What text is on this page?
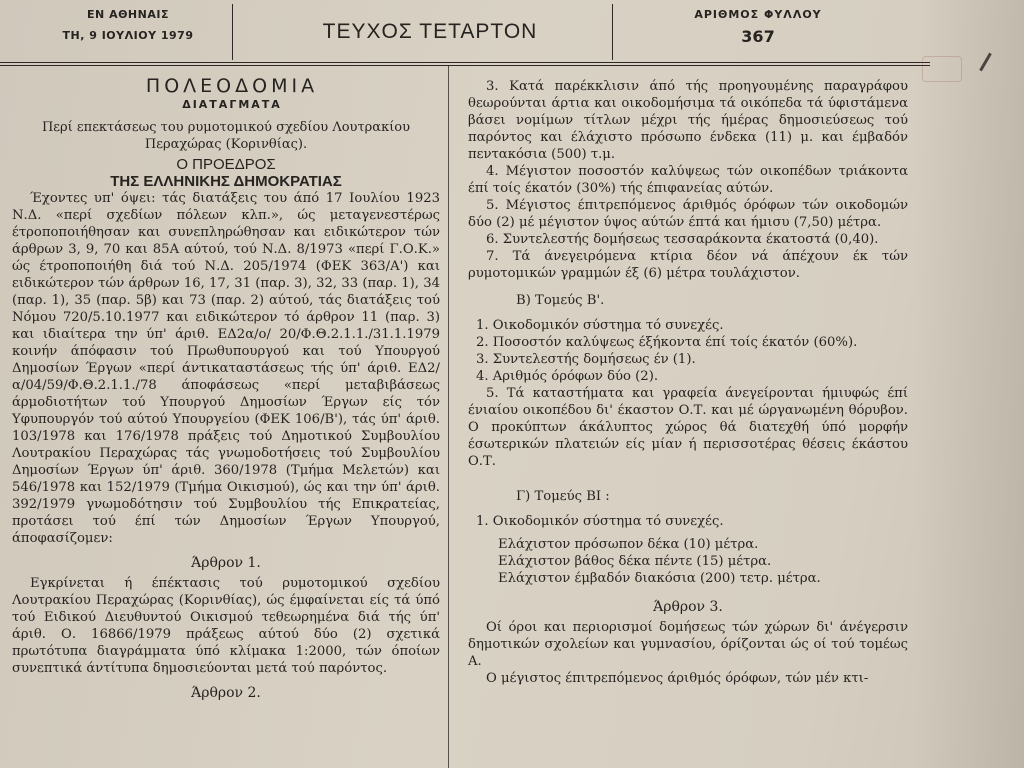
ΕΝ ΑΘΗΝΑΙΣ
ΤΗ, 9 ΙΟΥΛΙΟΥ 1979	ΤΕΥΧΟΣ ΤΕΤΑΡΤΟΝ
ΑΡΙΘΜΟΣ ΦΥΛΛΟΥ
367
ΠΟΛΕΟΔΟΜΙΑ
ΔΙΑΤΑΓΜΑΤΑ
Περί επεκτάσεως του ρυμοτομικού σχεδίου Λουτρακίου
Περαχώρας (Κορινθίας).
Ο ΠΡΟΕΔΡΟΣ
ΤΗΣ ΕΛΛΗΝΙΚΗΣ ΔΗΜΟΚΡΑΤΙΑΣ

Έχοντες υπ' όψει: τάς διατάξεις του άπό 17 Ιουλίου 1923 Ν.Δ. «περί σχεδίων πόλεων κλπ.», ώς μεταγενεστέρως έτροποποιήθησαν και συνεπληρώθησαν και ειδικώτερον τών άρθρων 3, 9, 70 και 85Α αύτού, τού Ν.Δ. 8/1973 «περί Γ.Ο.Κ.» ώς έτροποποιήθη διά τού Ν.Δ. 205/1974 (ΦΕΚ 363/Α') και ειδικώτερον τών άρθρων 16, 17, 31 (παρ. 3), 32, 33 (παρ. 1), 34 (παρ. 1), 35 (παρ. 5β) και 73 (παρ. 2) αύτού, τάς διατάξεις τού Νόμου 720/5.10.1977 και ειδικώτερον τό άρθρον 11 (παρ. 3) και ιδιαίτερα την ύπ' άριθ. ΕΔ2α/ο/ 20/Φ.Θ.2.1.1./31.1.1979 κοινήν άπόφασιν τού Πρωθυπουργού και τού Υπουργού Δημοσίων Έργων «περί άντικαταστάσεως τής ύπ' άριθ. ΕΔ2/α/04/59/Φ.Θ.2.1.1./78 άποφάσεως «περί μεταβιβάσεως άρμοδιοτήτων τού Υπουργού Δημοσίων Έργων είς τόν Υφυπουργόν τού αύτού Υπουργείου (ΦΕΚ 106/Β'), τάς ύπ' άριθ. 103/1978 και 176/1978 πράξεις τού Δημοτικού Συμβουλίου Λουτρακίου Περαχώρας τάς γνωμοδοτήσεις τού Συμβουλίου Δημοσίων Έργων ύπ' άριθ. 360/1978 (Τμήμα Μελετών) και 546/1978 και 152/1979 (Τμήμα Οικισμού), ώς και την ύπ' άριθ. 392/1979 γνωμοδότησιν τού Συμβουλίου τής Επικρατείας, προτάσει τού έπί τών Δημοσίων Έργων Υπουργού, άποφασίζομεν:

Άρθρον 1.

Εγκρίνεται ή έπέκτασις τού ρυμοτομικού σχεδίου Λουτρακίου Περαχώρας (Κορινθίας), ώς έμφαίνεται είς τά ύπό τού Ειδικού Διευθυντού Οικισμού τεθεωρημένα διά τής ύπ' άριθ. Ο. 16866/1979 πράξεως αύτού δύο (2) σχετικά πρωτότυπα διαγράμματα ύπό κλίμακα 1:2000, τών όποίων συνεπτικά άντίτυπα δημοσιεύονται μετά τού παρόντος.

Άρθρον 2.

3. Κατά παρέκκλισιν άπό τής προηγουμένης παραγράφου θεωρούνται άρτια και οικοδομήσιμα τά οικόπεδα τά ύφιστάμενα βάσει νομίμων τίτλων μέχρι τής ήμέρας δημοσιεύσεως τού παρόντος και έλάχιστο πρόσωπο ένδεκα (11) μ. και έμβαδόν πεντακόσια (500) τ.μ.

4. Μέγιστον ποσοστόν καλύψεως τών οικοπέδων τριάκοντα έπί τοίς έκατόν (30%) τής έπιφανείας αύτών.

5. Μέγιστος έπιτρεπόμενος άριθμός όρόφων τών οικοδομών δύο (2) μέ μέγιστον ύψος αύτών έπτά και ήμισυ (7,50) μέτρα.

6. Συντελεστής δομήσεως τεσσαράκοντα έκατοστά (0,40).

7. Τά άνεγειρόμενα κτίρια δέον νά άπέχουν έκ τών ρυμοτομικών γραμμών έξ (6) μέτρα τουλάχιστον.

Β) Τομεύς Β'.

1. Οικοδομικόν σύστημα τό συνεχές.

2. Ποσοστόν καλύψεως έξήκοντα έπί τοίς έκατόν (60%).

3. Συντελεστής δομήσεως έν (1).

4. Αριθμός όρόφων δύο (2).

5. Τά καταστήματα και γραφεία άνεγείρονται ήμιυφώς έπί ένιαίου οικοπέδου δι' έκαστον Ο.Τ. και μέ ώργανωμένη θόρυβον. Ο προκύπτων άκάλυπτος χώρος θά διατεχθή ύπό μορφήν έσωτερικών πλατειών είς μίαν ή περισσοτέρας θέσεις έκάστου Ο.Τ.

Γ) Τομεύς ΒΙ :

1. Οικοδομικόν σύστημα τό συνεχές.

Ελάχιστον πρόσωπον δέκα (10) μέτρα.

Ελάχιστον βάθος δέκα πέντε (15) μέτρα.

Ελάχιστον έμβαδόν διακόσια (200) τετρ. μέτρα.

Άρθρον 3.

Οί όροι και περιορισμοί δομήσεως τών χώρων δι' άνέγερσιν δημοτικών σχολείων και γυμνασίου, όρίζονται ώς οί τού τομέως Α.

Ο μέγιστος έπιτρεπόμενος άριθμός όρόφων, τών μέν κτι-
